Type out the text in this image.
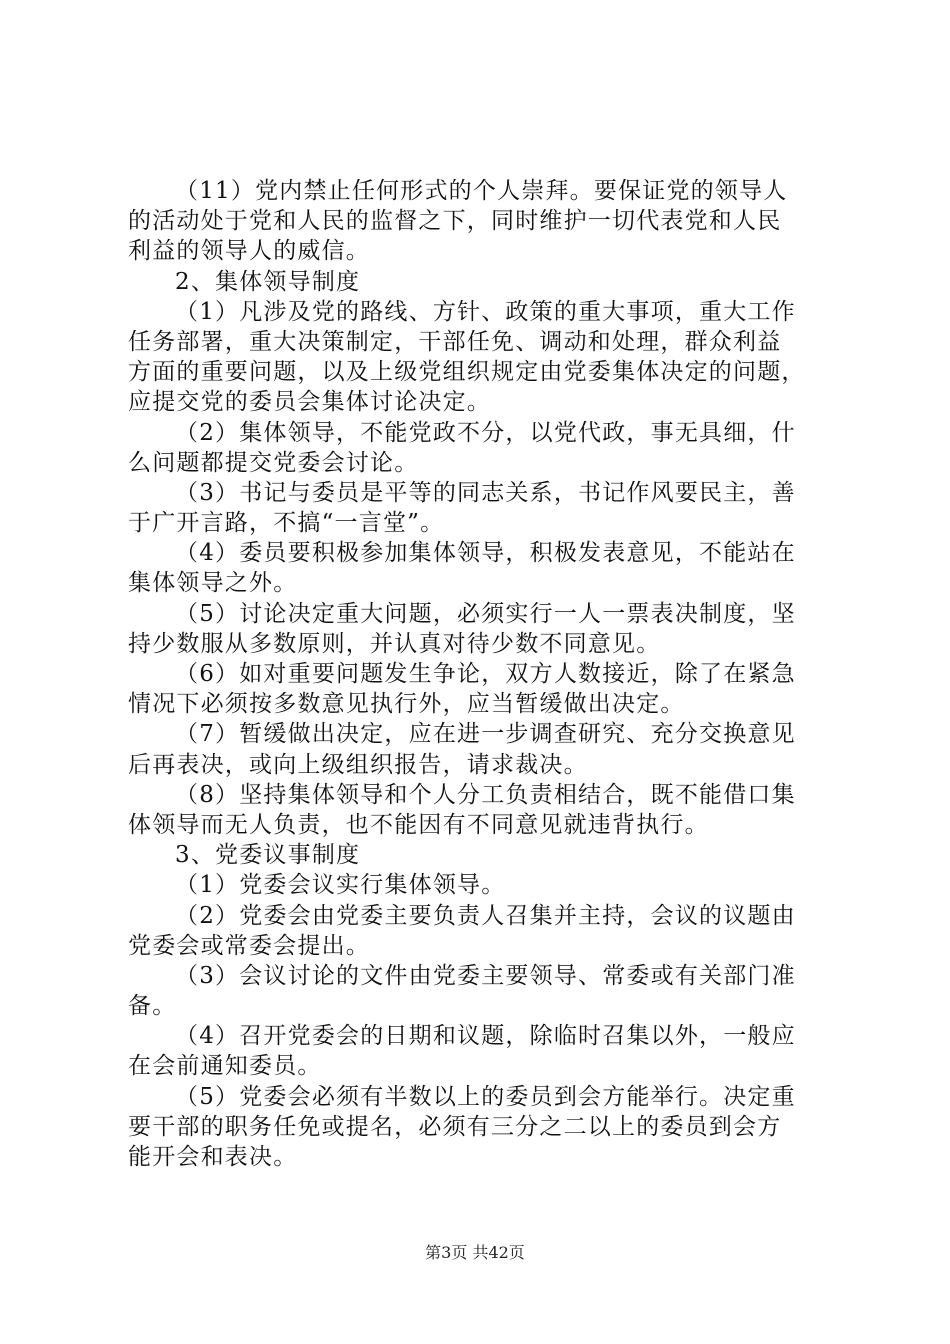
（11）党内禁止任何形式的个人崇拜。要保证党的领导人
的活动处于党和人民的监督之下，同时维护一切代表党和人民
利益的领导人的威信。
2、集体领导制度
（1）凡涉及党的路线、方针、政策的重大事项，重大工作
任务部署，重大决策制定，干部任免、调动和处理，群众利益
方面的重要问题，以及上级党组织规定由党委集体决定的问题，
应提交党的委员会集体讨论决定。
（2）集体领导，不能党政不分，以党代政，事无具细，什
么问题都提交党委会讨论。
（3）书记与委员是平等的同志关系，书记作风要民主，善
于广开言路，不搞“一言堂”。
（4）委员要积极参加集体领导，积极发表意见，不能站在
集体领导之外。
（5）讨论决定重大问题，必须实行一人一票表决制度，坚
持少数服从多数原则，并认真对待少数不同意见。
（6）如对重要问题发生争论，双方人数接近，除了在紧急
情况下必须按多数意见执行外，应当暂缓做出决定。
（7）暂缓做出决定，应在进一步调查研究、充分交换意见
后再表决，或向上级组织报告，请求裁决。
（8）坚持集体领导和个人分工负责相结合，既不能借口集
体领导而无人负责，也不能因有不同意见就违背执行。
3、党委议事制度
（1）党委会议实行集体领导。
（2）党委会由党委主要负责人召集并主持，会议的议题由
党委会或常委会提出。
（3）会议讨论的文件由党委主要领导、常委或有关部门准
备。
（4）召开党委会的日期和议题，除临时召集以外，一般应
在会前通知委员。
（5）党委会必须有半数以上的委员到会方能举行。决定重
要干部的职务任免或提名，必须有三分之二以上的委员到会方
能开会和表决。
第3页 共42页
